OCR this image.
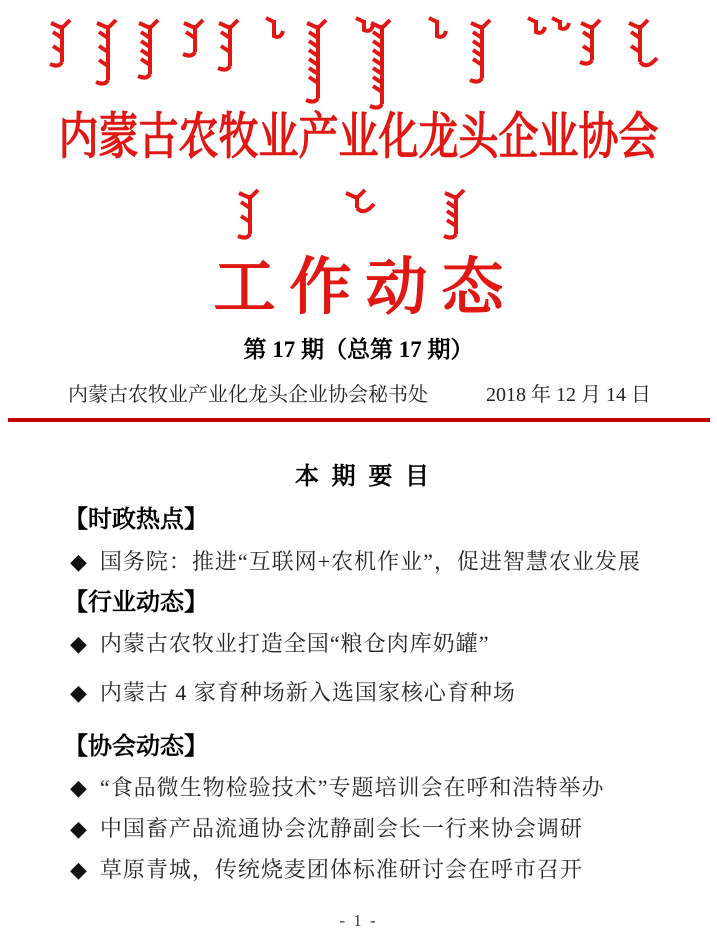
内蒙古农牧业产业化龙头企业协会
工作动态
第 17 期（总第 17 期）
内蒙古农牧业产业化龙头企业协会秘书处	2018 年 12 月 14 日
本 期 要 目
【时政热点】
◆ 国务院：推进“互联网+农机作业”，促进智慧农业发展
【行业动态】
◆ 内蒙古农牧业打造全国“粮仓肉库奶罐”
◆ 内蒙古 4 家育种场新入选国家核心育种场
【协会动态】
◆ “食品微生物检验技术”专题培训会在呼和浩特举办
◆ 中国畜产品流通协会沈静副会长一行来协会调研
◆ 草原青城，传统烧麦团体标准研讨会在呼市召开
- 1 -
